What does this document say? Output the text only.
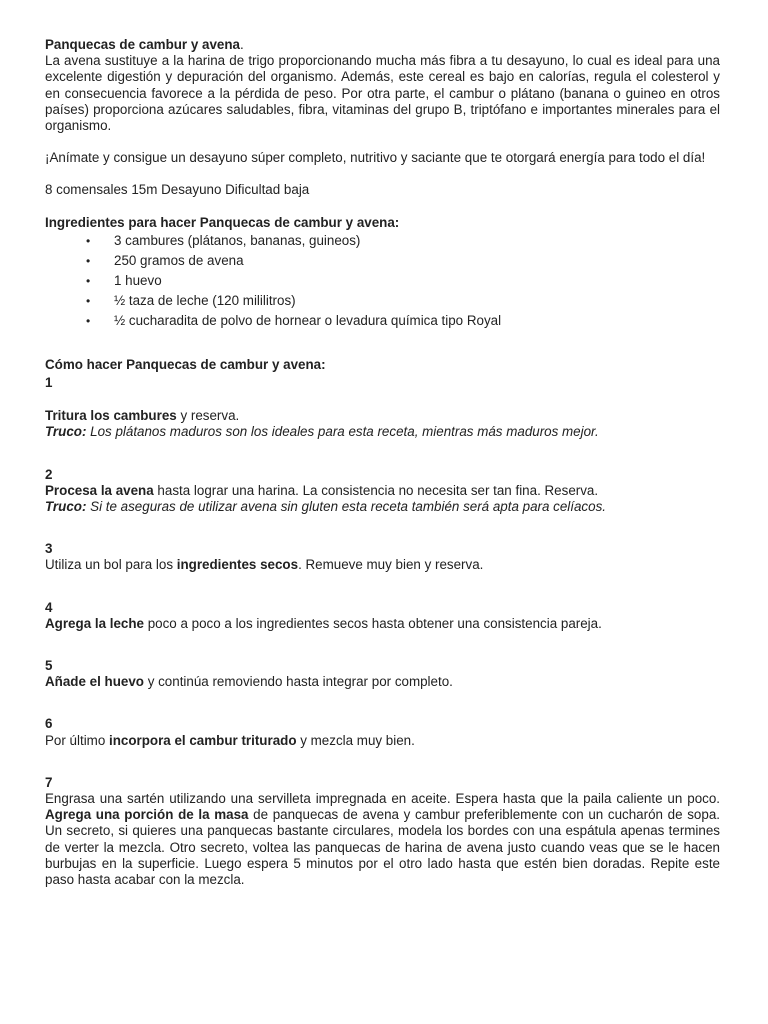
Panquecas de cambur y avena.

La avena sustituye a la harina de trigo proporcionando mucha más fibra a tu desayuno, lo cual es ideal para una excelente digestión y depuración del organismo. Además, este cereal es bajo en calorías, regula el colesterol y en consecuencia favorece a la pérdida de peso. Por otra parte, el cambur o plátano (banana o guineo en otros países) proporciona azúcares saludables, fibra, vitaminas del grupo B, triptófano e importantes minerales para el organismo.

¡Anímate y consigue un desayuno súper completo, nutritivo y saciante que te otorgará energía para todo el día!

8 comensales 15m Desayuno Dificultad baja

Ingredientes para hacer Panquecas de cambur y avena:

• 3 cambures (plátanos, bananas, guineos)
• 250 gramos de avena
• 1 huevo
• ½ taza de leche (120 mililitros)
• ½ cucharadita de polvo de hornear o levadura química tipo Royal

Cómo hacer Panquecas de cambur y avena:

1

Tritura los cambures y reserva.

Truco: Los plátanos maduros son los ideales para esta receta, mientras más maduros mejor.

2

Procesa la avena hasta lograr una harina. La consistencia no necesita ser tan fina. Reserva.

Truco: Si te aseguras de utilizar avena sin gluten esta receta también será apta para celíacos.

3

Utiliza un bol para los ingredientes secos. Remueve muy bien y reserva.

4

Agrega la leche poco a poco a los ingredientes secos hasta obtener una consistencia pareja.

5

Añade el huevo y continúa removiendo hasta integrar por completo.

6

Por último incorpora el cambur triturado y mezcla muy bien.

7

Engrasa una sartén utilizando una servilleta impregnada en aceite. Espera hasta que la paila caliente un poco. Agrega una porción de la masa de panquecas de avena y cambur preferiblemente con un cucharón de sopa. Un secreto, si quieres una panquecas bastante circulares, modela los bordes con una espátula apenas termines de verter la mezcla. Otro secreto, voltea las panquecas de harina de avena justo cuando veas que se le hacen burbujas en la superficie. Luego espera 5 minutos por el otro lado hasta que estén bien doradas. Repite este paso hasta acabar con la mezcla.
